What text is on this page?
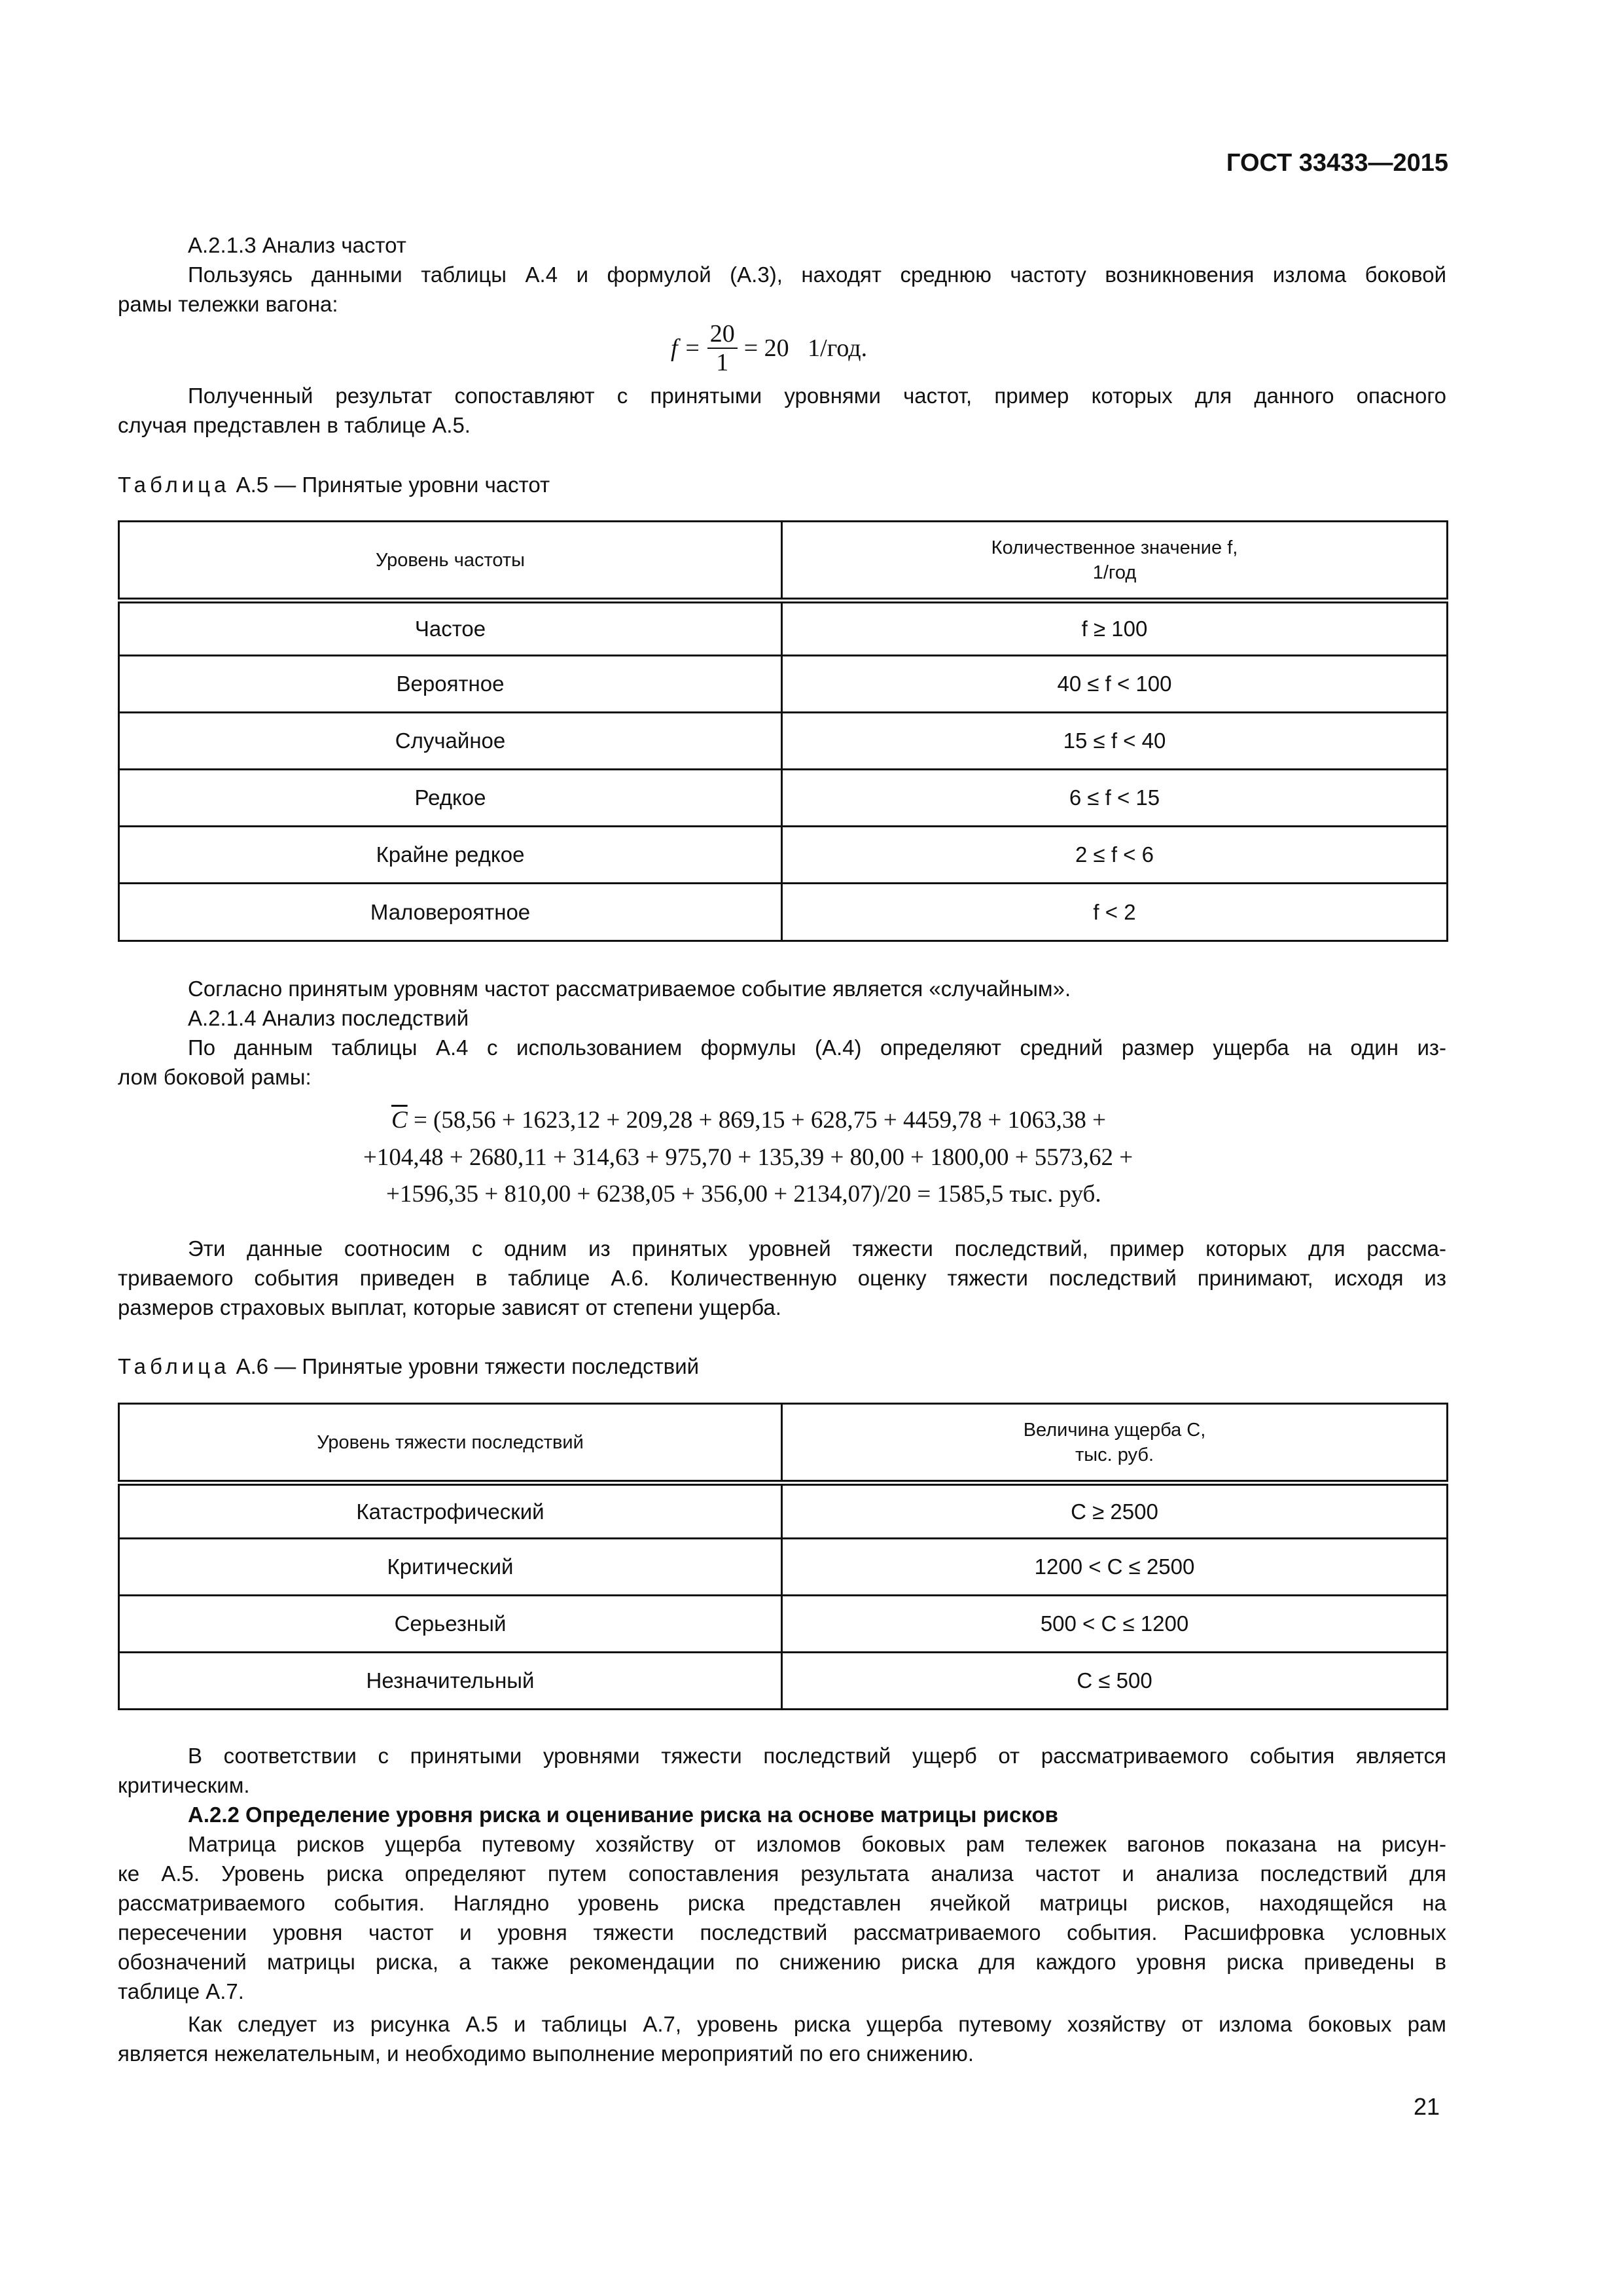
ГОСТ 33433—2015
А.2.1.3 Анализ частот
Пользуясь данными таблицы А.4 и формулой (А.3), находят среднюю частоту возникновения излома боковой
рамы тележки вагона:
$f = \frac{20}{1} = 20$   1/год.
Полученный результат сопоставляют с принятыми уровнями частот, пример которых для данного опасного
случая представлен в таблице А.5.
Таблица А.5 — Принятые уровни частот
Уровень частоты	Количественное значение f,
1/год

Частое	f ≥ 100
Вероятное	40 ≤ f < 100
Случайное	15 ≤ f < 40
Редкое	6 ≤ f < 15
Крайне редкое	2 ≤ f < 6
Маловероятное	f < 2
Согласно принятым уровням частот рассматриваемое событие является «случайным».
А.2.1.4 Анализ последствий
По данным таблицы А.4 с использованием формулы (А.4) определяют средний размер ущерба на один из-
лом боковой рамы:
$\overline{C} = (58,56 + 1623,12 + 209,28 + 869,15 + 628,75 + 4459,78 + 1063,38$ +
+104,48 + 2680,11 + 314,63 + 975,70 + 135,39 + 80,00 + 1800,00 + 5573,62 +
+1596,35 + 810,00 + 6238,05 + 356,00 + 2134,07)/20 = 1585,5 тыс. руб.
Эти данные соотносим с одним из принятых уровней тяжести последствий, пример которых для рассма-
триваемого события приведен в таблице А.6. Количественную оценку тяжести последствий принимают, исходя из
размеров страховых выплат, которые зависят от степени ущерба.
Таблица А.6 — Принятые уровни тяжести последствий
Уровень тяжести последствий	Величина ущерба C,
тыс. руб.

Катастрофический	C ≥ 2500
Критический	1200 < C ≤ 2500
Серьезный	500 < C ≤ 1200
Незначительный	C ≤ 500
В соответствии с принятыми уровнями тяжести последствий ущерб от рассматриваемого события является
критическим.
А.2.2 Определение уровня риска и оценивание риска на основе матрицы рисков
Матрица рисков ущерба путевому хозяйству от изломов боковых рам тележек вагонов показана на рисун-
ке А.5. Уровень риска определяют путем сопоставления результата анализа частот и анализа последствий для
рассматриваемого события. Наглядно уровень риска представлен ячейкой матрицы рисков, находящейся на
пересечении уровня частот и уровня тяжести последствий рассматриваемого события. Расшифровка условных
обозначений матрицы риска, а также рекомендации по снижению риска для каждого уровня риска приведены в
таблице А.7.
Как следует из рисунка А.5 и таблицы А.7, уровень риска ущерба путевому хозяйству от излома боковых рам
является нежелательным, и необходимо выполнение мероприятий по его снижению.
21
